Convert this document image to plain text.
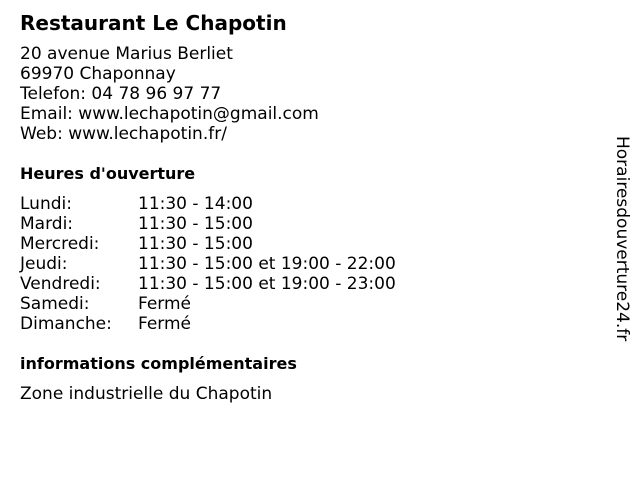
Restaurant Le Chapotin
20 avenue Marius Berliet
69970 Chaponnay
Telefon: 04 78 96 97 77
Email: www.lechapotin@gmail.com
Web: www.lechapotin.fr/
Heures d'ouverture
Lundi:	11:30 - 14:00
Mardi:	11:30 - 15:00
Mercredi:	11:30 - 15:00
Jeudi:	11:30 - 15:00 et 19:00 - 22:00
Vendredi:	11:30 - 15:00 et 19:00 - 23:00
Samedi:	Fermé
Dimanche:	Fermé
informations complémentaires
Zone industrielle du Chapotin
Horairesdouverture24.fr
